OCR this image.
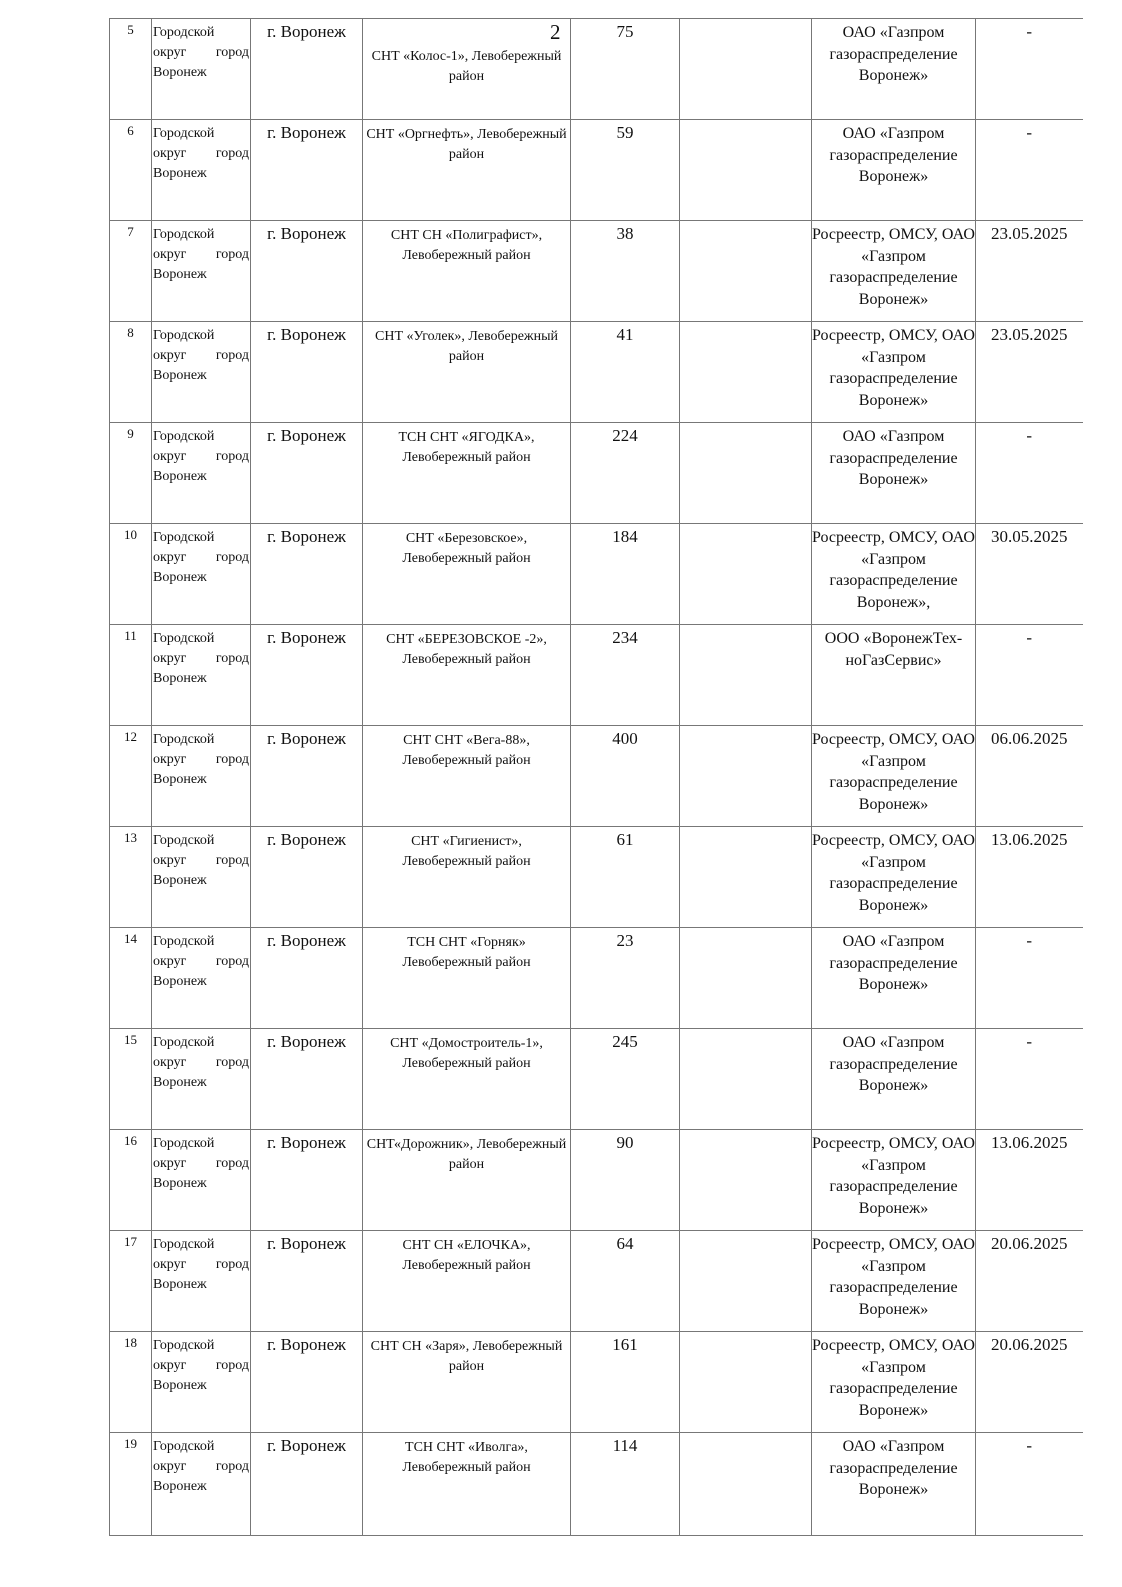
2
5	Городской
округ город
Воронеж	г. Воронеж	СНТ «Колос-1», Левобережный район	75		ОАО «Газпром газораспределение Воронеж»	-
6	Городской
округ город
Воронеж	г. Воронеж	СНТ «Оргнефть», Левобережный район	59		ОАО «Газпром газораспределение Воронеж»	-
7	Городской
округ город
Воронеж	г. Воронеж	СНТ СН «Полиграфист», Левобережный район	38		Росреестр, ОМСУ, ОАО «Газпром газораспределение Воронеж»	23.05.2025
8	Городской
округ город
Воронеж	г. Воронеж	СНТ «Уголек», Левобережный район	41		Росреестр, ОМСУ, ОАО «Газпром газораспределение Воронеж»	23.05.2025
9	Городской
округ город
Воронеж	г. Воронеж	ТСН СНТ «ЯГОДКА», Левобережный район	224		ОАО «Газпром газораспределение Воронеж»	-
10	Городской
округ город
Воронеж	г. Воронеж	СНТ «Березовское», Левобережный район	184		Росреестр, ОМСУ, ОАО «Газпром газораспределение Воронеж»,	30.05.2025
11	Городской
округ город
Воронеж	г. Воронеж	СНТ «БЕРЕЗОВСКОЕ -2», Левобережный район	234		ООО «ВоронежТех-ноГазСервис»	-
12	Городской
округ город
Воронеж	г. Воронеж	СНТ СНТ «Вега-88», Левобережный район	400		Росреестр, ОМСУ, ОАО «Газпром газораспределение Воронеж»	06.06.2025
13	Городской
округ город
Воронеж	г. Воронеж	СНТ «Гигиенист», Левобережный район	61		Росреестр, ОМСУ, ОАО «Газпром газораспределение Воронеж»	13.06.2025
14	Городской
округ город
Воронеж	г. Воронеж	ТСН СНТ «Горняк» Левобережный район	23		ОАО «Газпром газораспределение Воронеж»	-
15	Городской
округ город
Воронеж	г. Воронеж	СНТ «Домостроитель-1», Левобережный район	245		ОАО «Газпром газораспределение Воронеж»	-
16	Городской
округ город
Воронеж	г. Воронеж	СНТ«Дорожник», Левобережный район	90		Росреестр, ОМСУ, ОАО «Газпром газораспределение Воронеж»	13.06.2025
17	Городской
округ город
Воронеж	г. Воронеж	СНТ СН «ЕЛОЧКА», Левобережный район	64		Росреестр, ОМСУ, ОАО «Газпром газораспределение Воронеж»	20.06.2025
18	Городской
округ город
Воронеж	г. Воронеж	СНТ СН «Заря», Левобережный район	161		Росреестр, ОМСУ, ОАО «Газпром газораспределение Воронеж»	20.06.2025
19	Городской
округ город
Воронеж	г. Воронеж	ТСН СНТ «Иволга», Левобережный район	114		ОАО «Газпром газораспределение Воронеж»	-
